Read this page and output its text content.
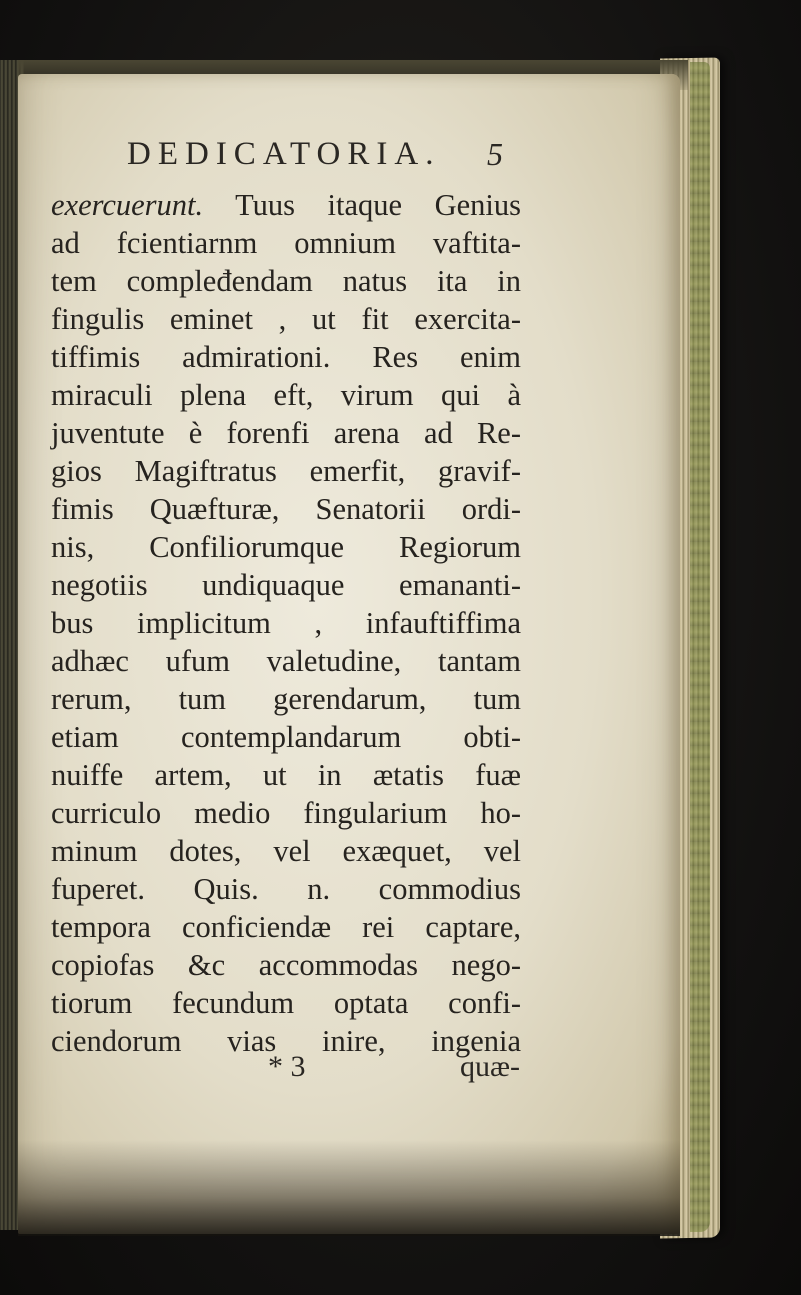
DEDICATORIA. 5
exercuerunt. Tuus itaque Genius
ad fcientiarnm omnium vaftita-
tem compleđendam natus ita in
fingulis eminet , ut fit exercita-
tiffimis admirationi. Res enim
miraculi plena eft, virum qui à
juventute è forenfi arena ad Re-
gios Magiftratus emerfit, gravif-
fimis Quæfturæ, Senatorii ordi-
nis, Confiliorumque Regiorum
negotiis undiquaque emananti-
bus implicitum , infauftiffima
adhæc ufum valetudine, tantam
rerum, tum gerendarum, tum
etiam contemplandarum obti-
nuiffe artem, ut in ætatis fuæ
curriculo medio fingularium ho-
minum dotes, vel exæquet, vel
fuperet. Quis. n. commodius
tempora conficiendæ rei captare,
copiofas &c accommodas nego-
tiorum fecundum optata confi-
ciendorum vias inire, ingenia
* 3	quæ-
